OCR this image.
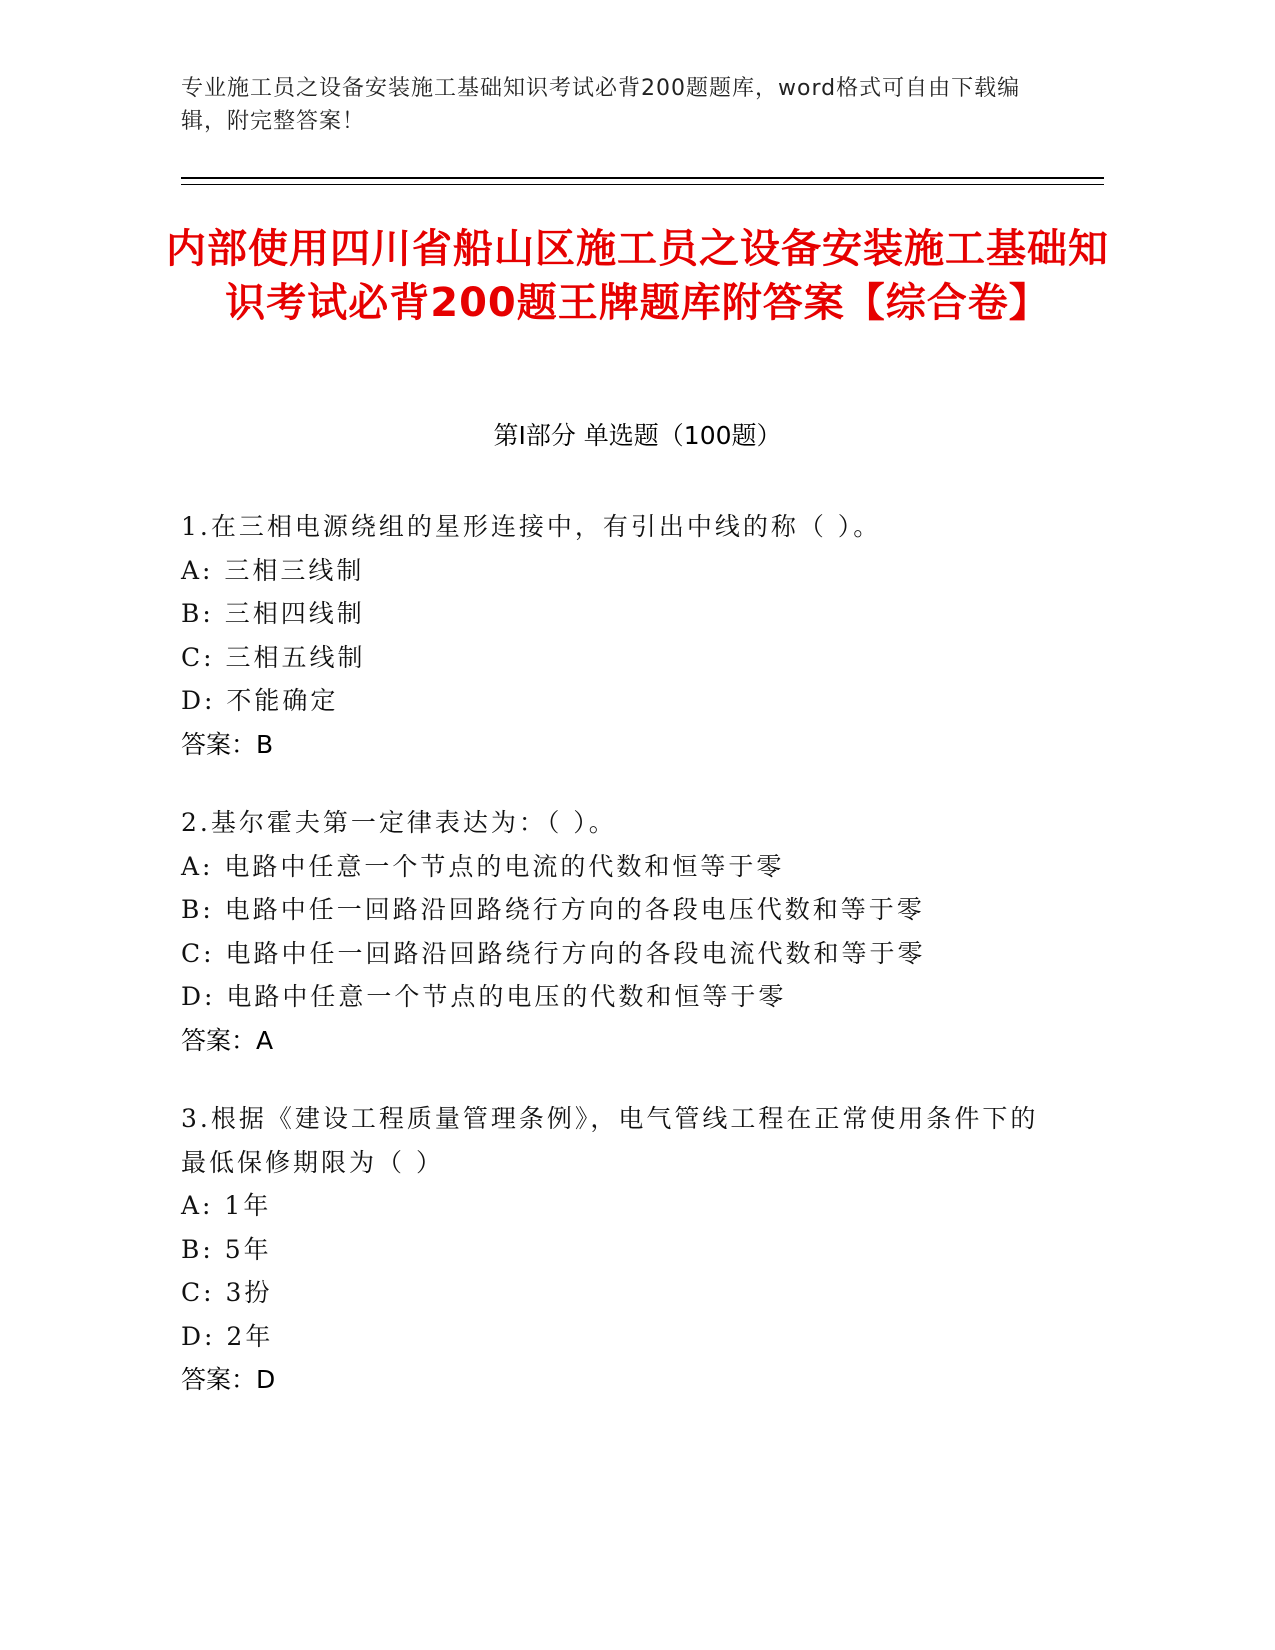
专业施工员之设备安装施工基础知识考试必背200题题库，word格式可自由下载编辑，附完整答案！
内部使用四川省船山区施工员之设备安装施工基础知识考试必背200题王牌题库附答案【综合卷】
第Ⅰ部分 单选题（100题）
1.在三相电源绕组的星形连接中，有引出中线的称（ ）。
A: 三相三线制
B: 三相四线制
C: 三相五线制
D: 不能确定
答案：B
2.基尔霍夫第一定律表达为：（ ）。
A: 电路中任意一个节点的电流的代数和恒等于零
B: 电路中任一回路沿回路绕行方向的各段电压代数和等于零
C: 电路中任一回路沿回路绕行方向的各段电流代数和等于零
D: 电路中任意一个节点的电压的代数和恒等于零
答案：A
3.根据《建设工程质量管理条例》，电气管线工程在正常使用条件下的最低保修期限为（ ）
A: 1年
B: 5年
C: 3扮
D: 2年
答案：D
